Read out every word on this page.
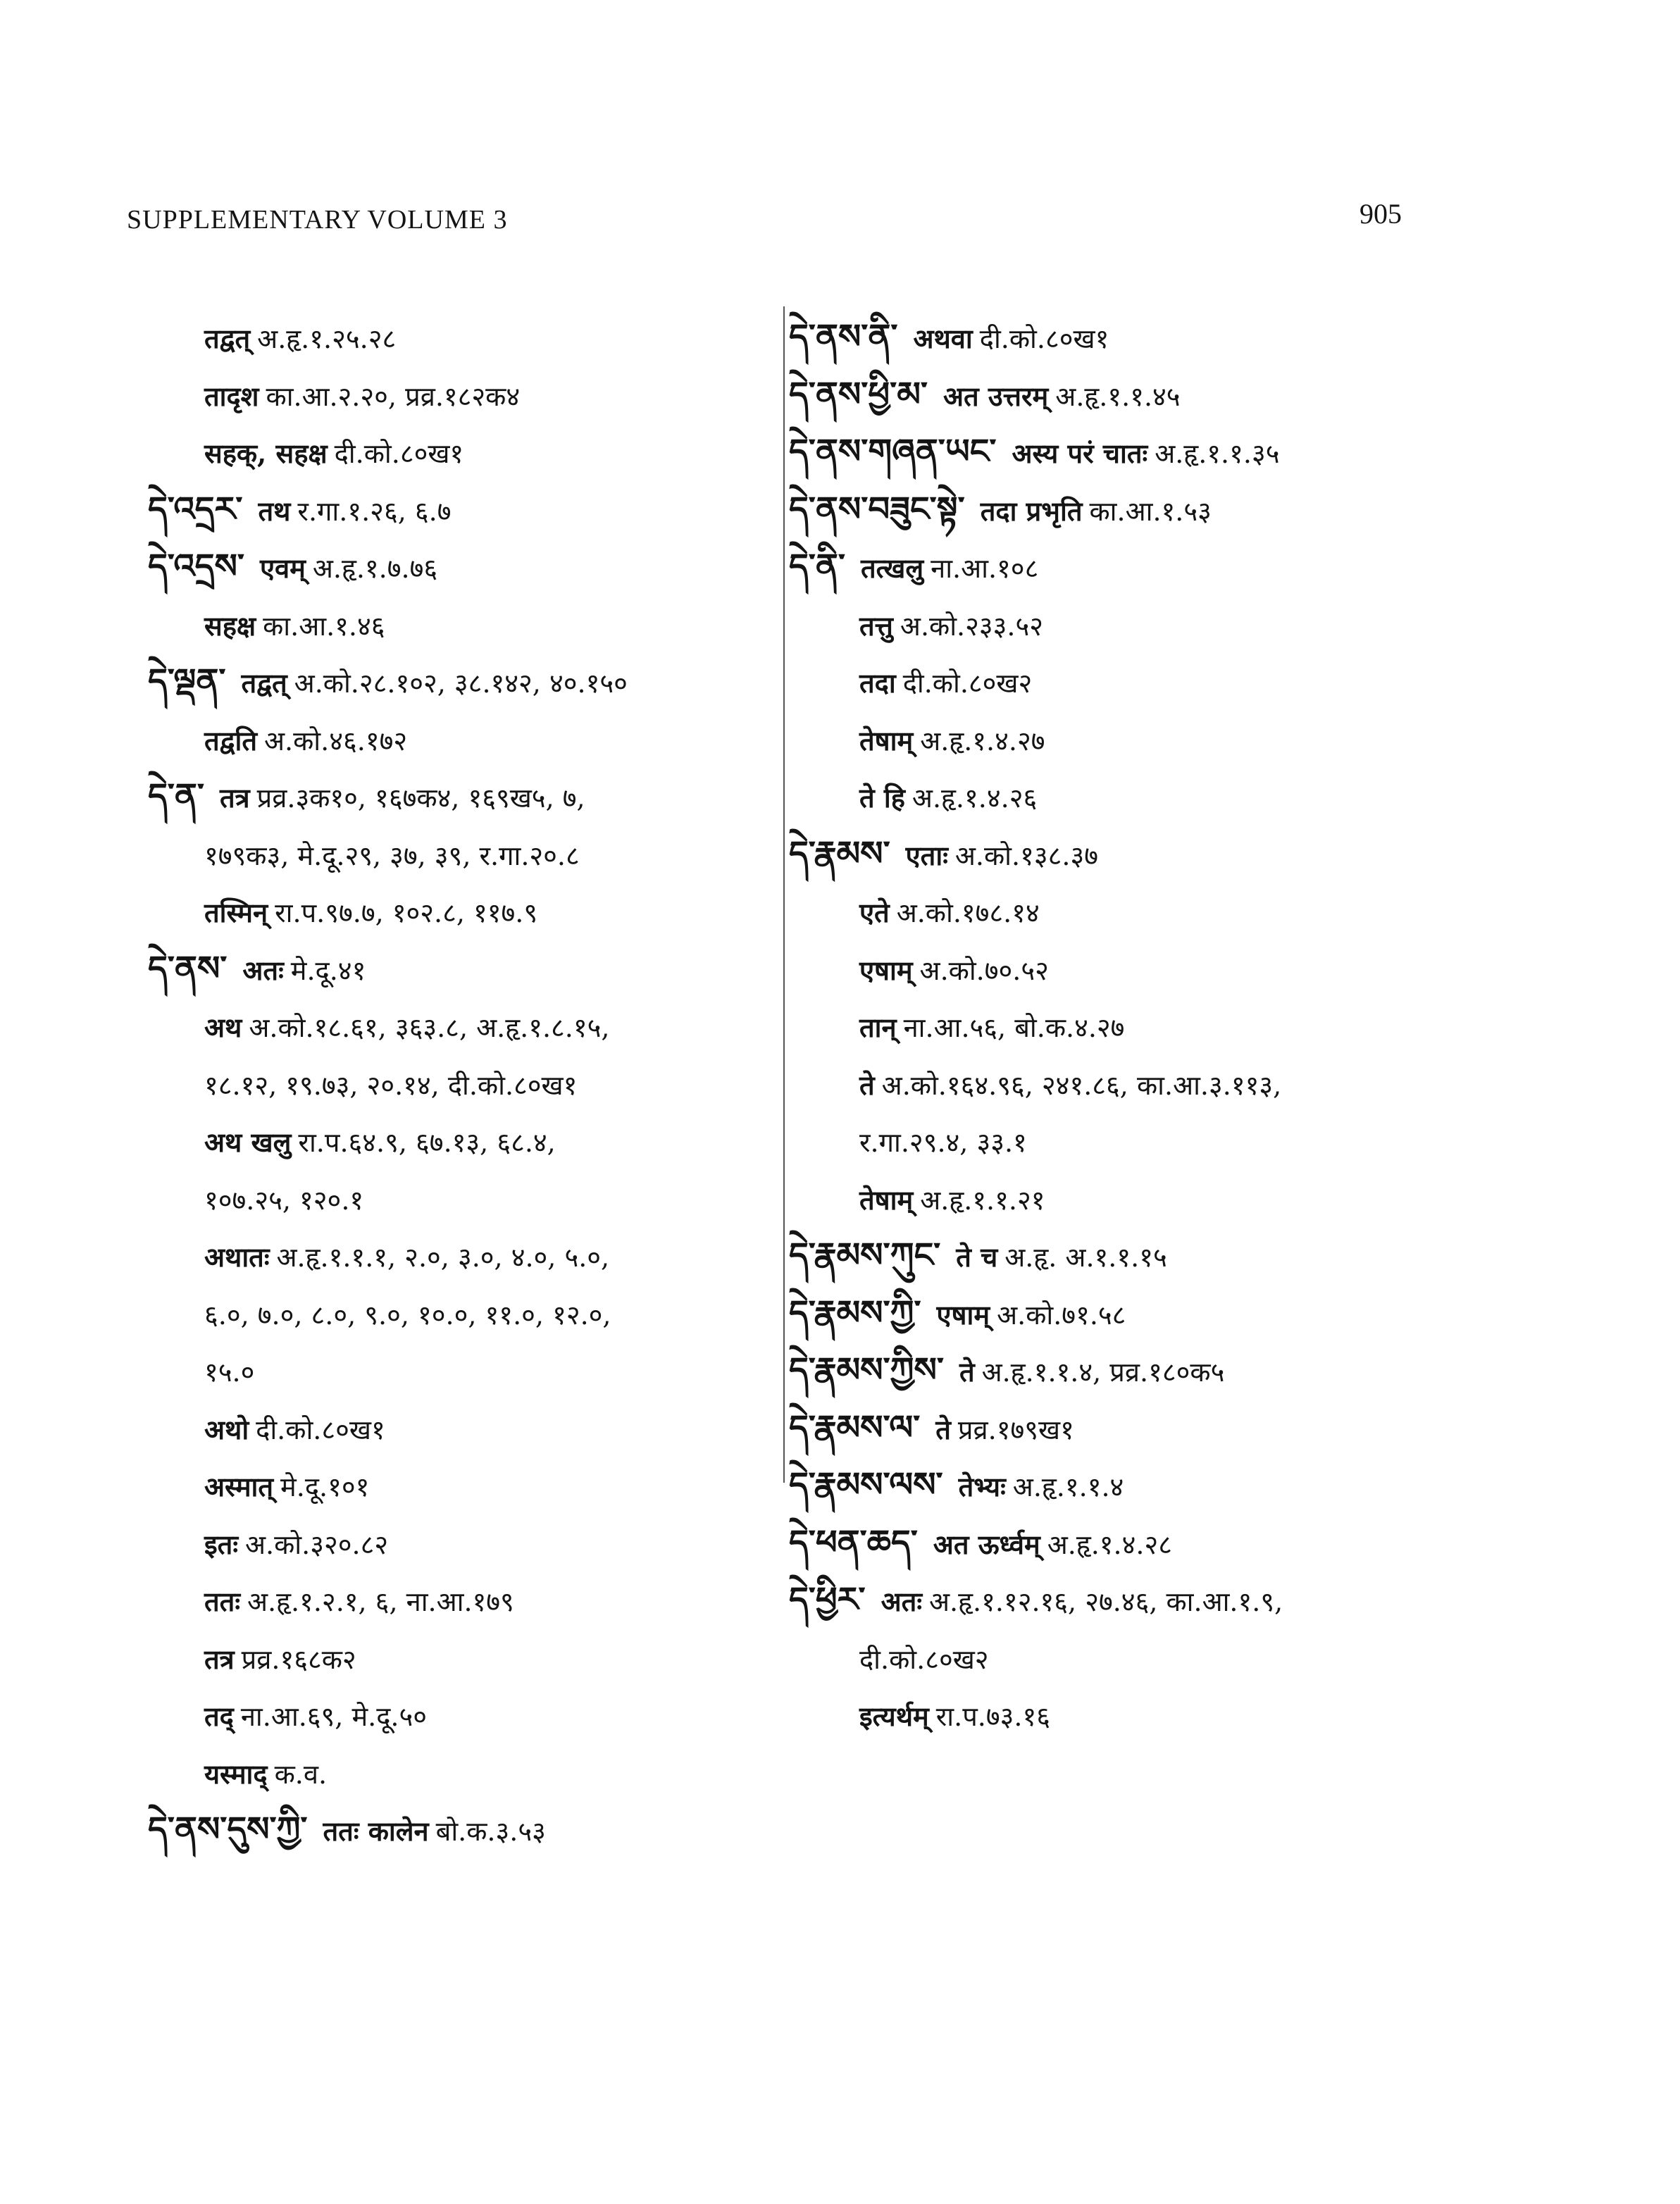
SUPPLEMENTARY VOLUME 3	905
तद्वत् अ.हृ.१.२५.२८
तादृश का.आ.२.२०, प्रव्र.१८२क४
सहक्, सहक्ष दी.को.८०ख१
དེ་འདྲར་ तथ र.गा.१.२६, ६.७
དེ་འདྲས་ एवम् अ.हृ.१.७.७६
सहक्ष का.आ.१.४६
དེ་ལྡན་ तद्वत् अ.को.२८.१०२, ३८.१४२, ४०.१५०
तद्वति अ.को.४६.१७२
དེ་ན་ तत्र प्रव्र.३क१०, १६७क४, १६९ख५, ७,
१७९क३, मे.दू.२९, ३७, ३९, र.गा.२०.८
तस्मिन् रा.प.९७.७, १०२.८, ११७.९
དེ་ནས་ अतः मे.दू.४१
अथ अ.को.१८.६१, ३६३.८, अ.हृ.१.८.१५,
१८.१२, १९.७३, २०.१४, दी.को.८०ख१
अथ खलु रा.प.६४.९, ६७.१३, ६८.४,
१०७.२५, १२०.१
अथातः अ.हृ.१.१.१, २.०, ३.०, ४.०, ५.०,
६.०, ७.०, ८.०, ९.०, १०.०, ११.०, १२.०,
१५.०
अथो दी.को.८०ख१
अस्मात् मे.दू.१०१
इतः अ.को.३२०.८२
ततः अ.हृ.१.२.१, ६, ना.आ.१७९
तत्र प्रव्र.१६८क२
तद् ना.आ.६९, मे.दू.५०
यस्माद् क.व.
དེ་ནས་དུས་ཀྱི་ ततः कालेन बो.क.३.५३
དེ་ནས་ནི་ अथवा दी.को.८०ख१
དེ་ནས་ཕྱི་མ་ अत उत्तरम् अ.हृ.१.१.४५
དེ་ནས་གཞན་ཡང་ अस्य परं चातः अ.हृ.१.१.३५
དེ་ནས་བཟུང་སྟེ་ तदा प्रभृति का.आ.१.५३
དེ་ནི་ तत्खलु ना.आ.१०८
तत्तु अ.को.२३३.५२
तदा दी.को.८०ख२
तेषाम् अ.हृ.१.४.२७
ते हि अ.हृ.१.४.२६
དེ་རྣམས་ एताः अ.को.१३८.३७
एते अ.को.१७८.१४
एषाम् अ.को.७०.५२
तान् ना.आ.५६, बो.क.४.२७
ते अ.को.१६४.९६, २४१.८६, का.आ.३.११३,
र.गा.२९.४, ३३.१
तेषाम् अ.हृ.१.१.२१
དེ་རྣམས་ཀུང་ ते च अ.हृ. अ.१.१.१५
དེ་རྣམས་ཀྱི་ एषाम् अ.को.७१.५८
དེ་རྣམས་ཀྱིས་ ते अ.हृ.१.१.४, प्रव्र.१८०क५
དེ་རྣམས་ལ་ ते प्रव्र.१७९ख१
དེ་རྣམས་ལས་ तेभ्यः अ.हृ.१.१.४
དེ་ཕན་ཆད་ अत ऊर्ध्वम् अ.हृ.१.४.२८
དེ་ཕྱིར་ अतः अ.हृ.१.१२.१६, २७.४६, का.आ.१.९,
दी.को.८०ख२
इत्यर्थम् रा.प.७३.१६
